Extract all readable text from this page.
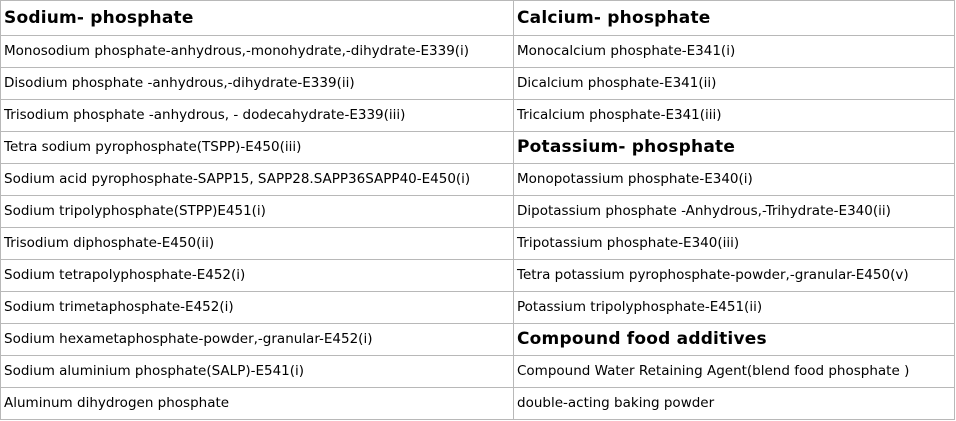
Sodium- phosphate	Calcium- phosphate
Monosodium phosphate-anhydrous,-monohydrate,-dihydrate-E339(i)	Monocalcium phosphate-E341(i)
Disodium phosphate -anhydrous,-dihydrate-E339(ii)	Dicalcium phosphate-E341(ii)
Trisodium phosphate -anhydrous, - dodecahydrate-E339(iii)	Tricalcium phosphate-E341(iii)
Tetra sodium pyrophosphate(TSPP)-E450(iii)	Potassium- phosphate
Sodium acid pyrophosphate-SAPP15, SAPP28.SAPP36SAPP40-E450(i)	Monopotassium phosphate-E340(i)
Sodium tripolyphosphate(STPP)E451(i)	Dipotassium phosphate -Anhydrous,-Trihydrate-E340(ii)
Trisodium diphosphate-E450(ii)	Tripotassium phosphate-E340(iii)
Sodium tetrapolyphosphate-E452(i)	Tetra potassium pyrophosphate-powder,-granular-E450(v)
Sodium trimetaphosphate-E452(i)	Potassium tripolyphosphate-E451(ii)
Sodium hexametaphosphate-powder,-granular-E452(i)	Compound food additives
Sodium aluminium phosphate(SALP)-E541(i)	Compound Water Retaining Agent(blend food phosphate )
Aluminum dihydrogen phosphate	double-acting baking powder
